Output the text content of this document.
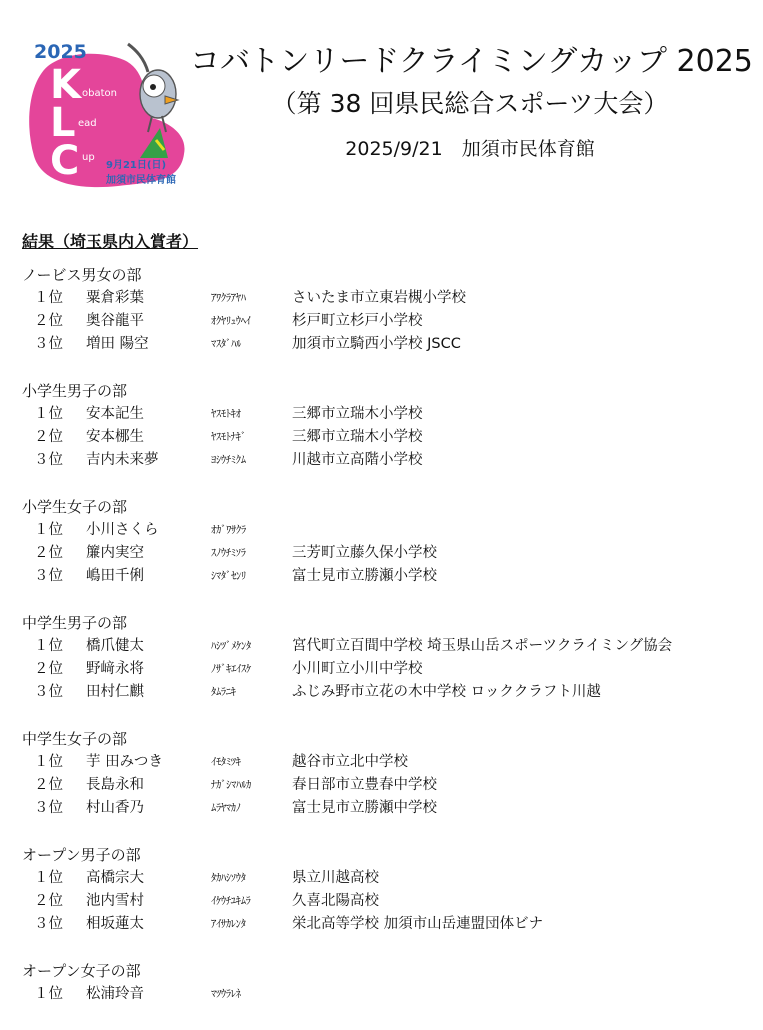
2025
K obaton
L ead
C up
9月21日(日)
加須市民体育館
コバトンリードクライミングカップ 2025
（第 38 回県民総合スポーツ大会）
2025/9/21　加須市民体育館
結果（埼玉県内入賞者）
ノービス男女の部
１位 粟倉彩葉	ｱﾜｸﾗｱﾔﾊ	さいたま市立東岩槻小学校
２位 奥谷龍平	ｵｸﾔﾘｭｳﾍｲ	杉戸町立杉戸小学校
３位 増田 陽空	ﾏｽﾀﾞﾊﾙ	加須市立騎西小学校 JSCC
小学生男子の部
１位 安本記生	ﾔｽﾓﾄｷｵ	三郷市立瑞木小学校
２位 安本梛生	ﾔｽﾓﾄﾅｷﾞ	三郷市立瑞木小学校
３位 吉内未来夢	ﾖｼｳﾁﾐｸﾑ	川越市立高階小学校
小学生女子の部
１位 小川さくら	ｵｶﾞﾜｻｸﾗ
２位 簾内実空	ｽﾉｳﾁﾐｿﾗ	三芳町立藤久保小学校
３位 嶋田千俐	ｼﾏﾀﾞｾﾝﾘ	富士見市立勝瀬小学校
中学生男子の部
１位 橋爪健太	ﾊｼﾂﾞﾒｹﾝﾀ	宮代町立百間中学校 埼玉県山岳スポーツクライミング協会
２位 野﨑永将	ﾉｻﾞｷｴｲｽｹ	小川町立小川中学校
３位 田村仁麒	ﾀﾑﾗﾆｷ	ふじみ野市立花の木中学校 ロッククラフト川越
中学生女子の部
１位 芋 田みつき	ｲﾓﾀﾐﾂｷ	越谷市立北中学校
２位 長島永和	ﾅｶﾞｼﾏﾊﾙｶ	春日部市立豊春中学校
３位 村山香乃	ﾑﾗﾔﾏｶﾉ	富士見市立勝瀬中学校
オープン男子の部
１位 高橋宗大	ﾀｶﾊｼｿｳﾀ	県立川越高校
２位 池内雪村	ｲｹｳﾁﾕｷﾑﾗ	久喜北陽高校
３位 相坂蓮太	ｱｲｻｶﾚﾝﾀ	栄北高等学校 加須市山岳連盟団体ビナ
オープン女子の部
１位 松浦玲音	ﾏﾂｳﾗﾚﾈ
